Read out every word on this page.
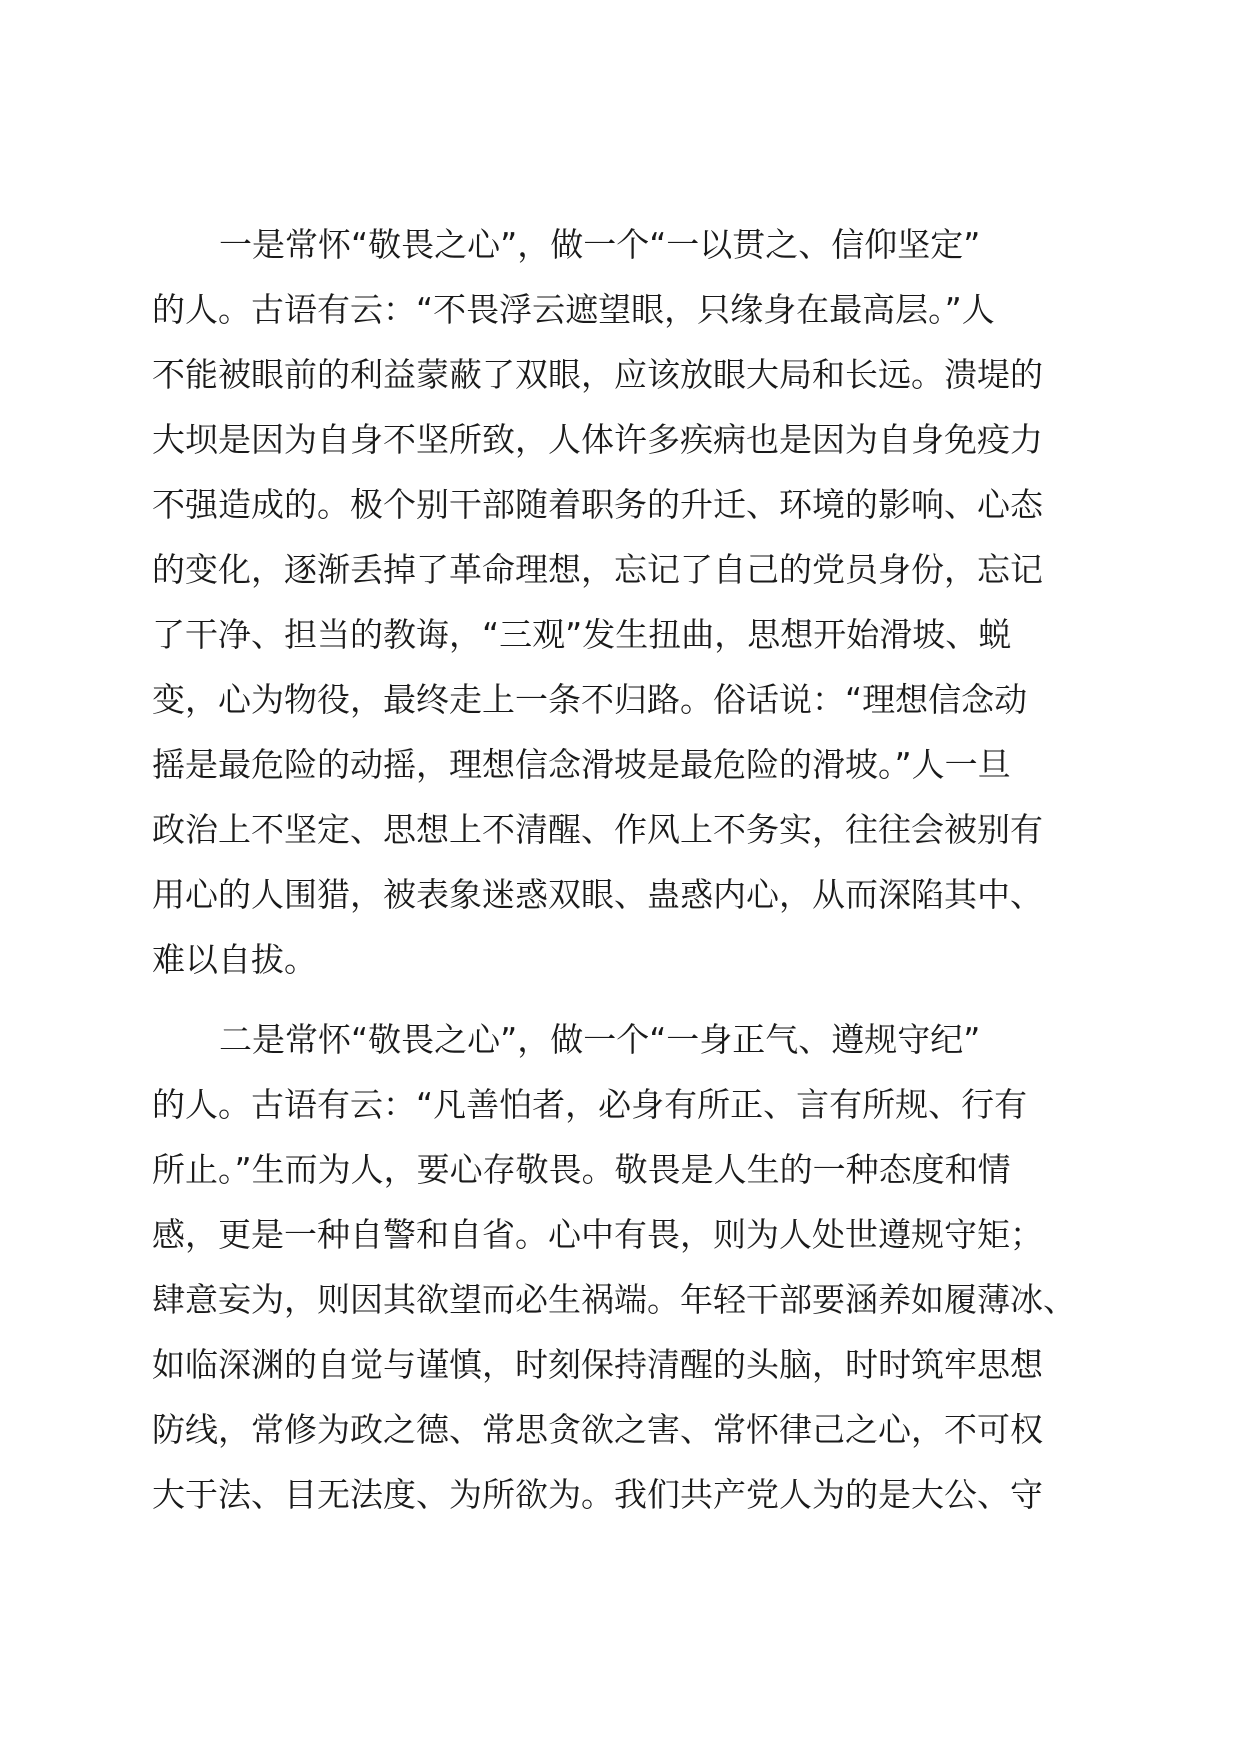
一是常怀“敬畏之心”，做一个“一以贯之、信仰坚定”
的人。古语有云：“不畏浮云遮望眼，只缘身在最高层。”人
不能被眼前的利益蒙蔽了双眼，应该放眼大局和长远。溃堤的
大坝是因为自身不坚所致，人体许多疾病也是因为自身免疫力
不强造成的。极个别干部随着职务的升迁、环境的影响、心态
的变化，逐渐丢掉了革命理想，忘记了自己的党员身份，忘记
了干净、担当的教诲，“三观”发生扭曲，思想开始滑坡、蜕
变，心为物役，最终走上一条不归路。俗话说：“理想信念动
摇是最危险的动摇，理想信念滑坡是最危险的滑坡。”人一旦
政治上不坚定、思想上不清醒、作风上不务实，往往会被别有
用心的人围猎，被表象迷惑双眼、蛊惑内心，从而深陷其中、
难以自拔。

二是常怀“敬畏之心”，做一个“一身正气、遵规守纪”
的人。古语有云：“凡善怕者，必身有所正、言有所规、行有
所止。”生而为人，要心存敬畏。敬畏是人生的一种态度和情
感，更是一种自警和自省。心中有畏，则为人处世遵规守矩；
肆意妄为，则因其欲望而必生祸端。年轻干部要涵养如履薄冰、
如临深渊的自觉与谨慎，时刻保持清醒的头脑，时时筑牢思想
防线，常修为政之德、常思贪欲之害、常怀律己之心，不可权
大于法、目无法度、为所欲为。我们共产党人为的是大公、守
